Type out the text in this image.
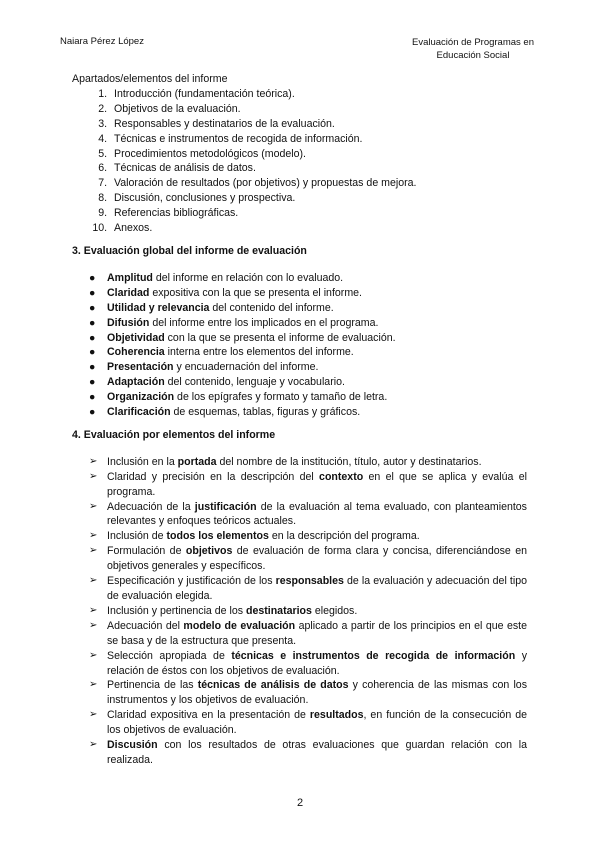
Naiara Pérez López	Evaluación de Programas en
Educación Social

Apartados/elementos del informe

1. Introducción (fundamentación teórica).
2. Objetivos de la evaluación.
3. Responsables y destinatarios de la evaluación.
4. Técnicas e instrumentos de recogida de información.
5. Procedimientos metodológicos (modelo).
6. Técnicas de análisis de datos.
7. Valoración de resultados (por objetivos) y propuestas de mejora.
8. Discusión, conclusiones y prospectiva.
9. Referencias bibliográficas.
10. Anexos.
3. Evaluación global del informe de evaluación
● Amplitud del informe en relación con lo evaluado.
● Claridad expositiva con la que se presenta el informe.
● Utilidad y relevancia del contenido del informe.
● Difusión del informe entre los implicados en el programa.
● Objetividad con la que se presenta el informe de evaluación.
● Coherencia interna entre los elementos del informe.
● Presentación y encuadernación del informe.
● Adaptación del contenido, lenguaje y vocabulario.
● Organización de los epígrafes y formato y tamaño de letra.
● Clarificación de esquemas, tablas, figuras y gráficos.
4. Evaluación por elementos del informe
➢ Inclusión en la portada del nombre de la institución, título, autor y destinatarios.
➢ Claridad y precisión en la descripción del contexto en el que se aplica y evalúa el programa.
➢ Adecuación de la justificación de la evaluación al tema evaluado, con planteamientos relevantes y enfoques teóricos actuales.
➢ Inclusión de todos los elementos en la descripción del programa.
➢ Formulación de objetivos de evaluación de forma clara y concisa, diferenciándose en objetivos generales y específicos.
➢ Especificación y justificación de los responsables de la evaluación y adecuación del tipo de evaluación elegida.
➢ Inclusión y pertinencia de los destinatarios elegidos.
➢ Adecuación del modelo de evaluación aplicado a partir de los principios en el que este se basa y de la estructura que presenta.
➢ Selección apropiada de técnicas e instrumentos de recogida de información y relación de éstos con los objetivos de evaluación.
➢ Pertinencia de las técnicas de análisis de datos y coherencia de las mismas con los instrumentos y los objetivos de evaluación.
➢ Claridad expositiva en la presentación de resultados, en función de la consecución de los objetivos de evaluación.
➢ Discusión con los resultados de otras evaluaciones que guardan relación con la realizada.
2
